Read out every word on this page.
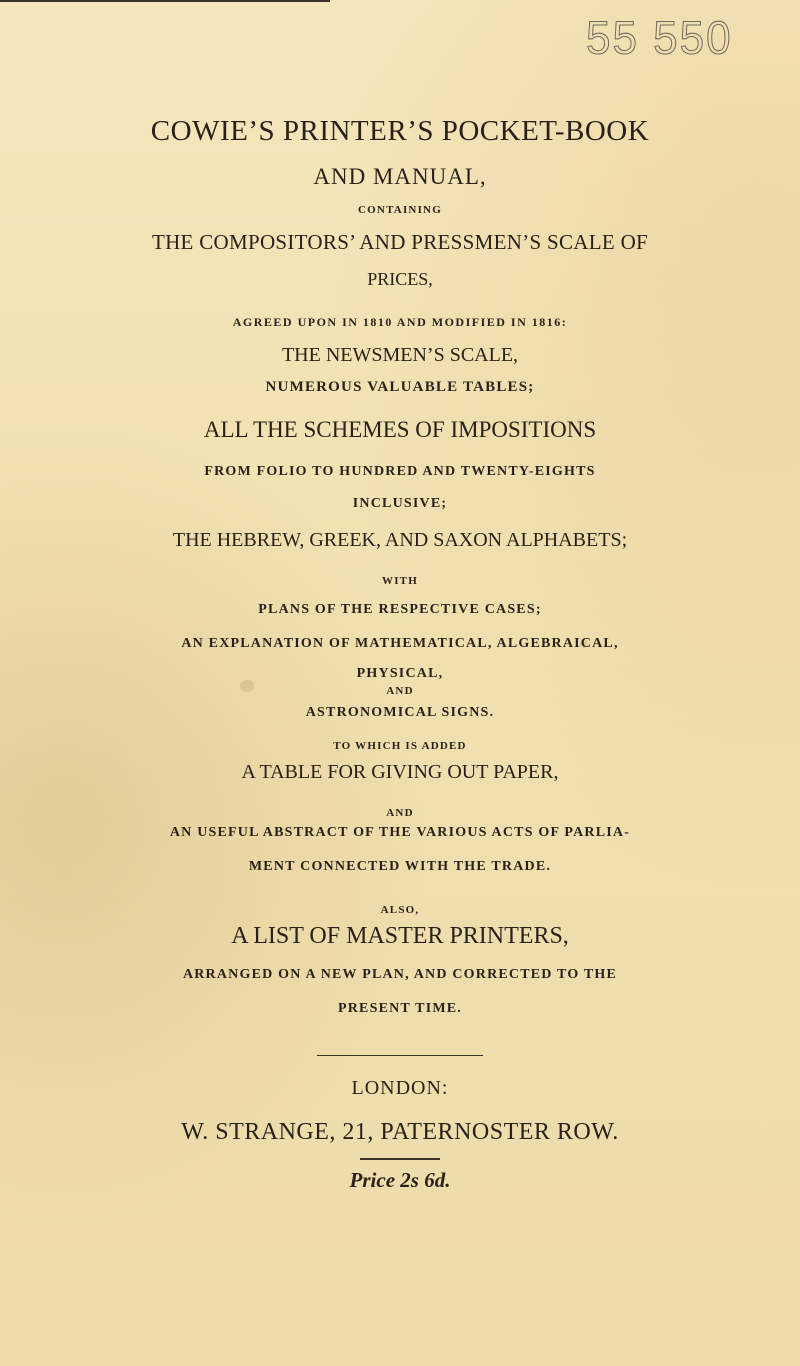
55 550
COWIE’S PRINTER’S POCKET-BOOK
AND MANUAL,
CONTAINING
THE COMPOSITORS’ AND PRESSMEN’S SCALE OF
PRICES,
AGREED UPON IN 1810 AND MODIFIED IN 1816:
THE NEWSMEN’S SCALE,
NUMEROUS VALUABLE TABLES;
ALL THE SCHEMES OF IMPOSITIONS
FROM FOLIO TO HUNDRED AND TWENTY-EIGHTS
INCLUSIVE;
THE HEBREW, GREEK, AND SAXON ALPHABETS;
WITH
PLANS OF THE RESPECTIVE CASES;
AN EXPLANATION OF MATHEMATICAL, ALGEBRAICAL,
PHYSICAL,
AND
ASTRONOMICAL SIGNS.
TO WHICH IS ADDED
A TABLE FOR GIVING OUT PAPER,
AND
AN USEFUL ABSTRACT OF THE VARIOUS ACTS OF PARLIA-
MENT CONNECTED WITH THE TRADE.
ALSO,
A LIST OF MASTER PRINTERS,
ARRANGED ON A NEW PLAN, AND CORRECTED TO THE
PRESENT TIME.
LONDON:
W. STRANGE, 21, PATERNOSTER ROW.
Price 2s 6d.
